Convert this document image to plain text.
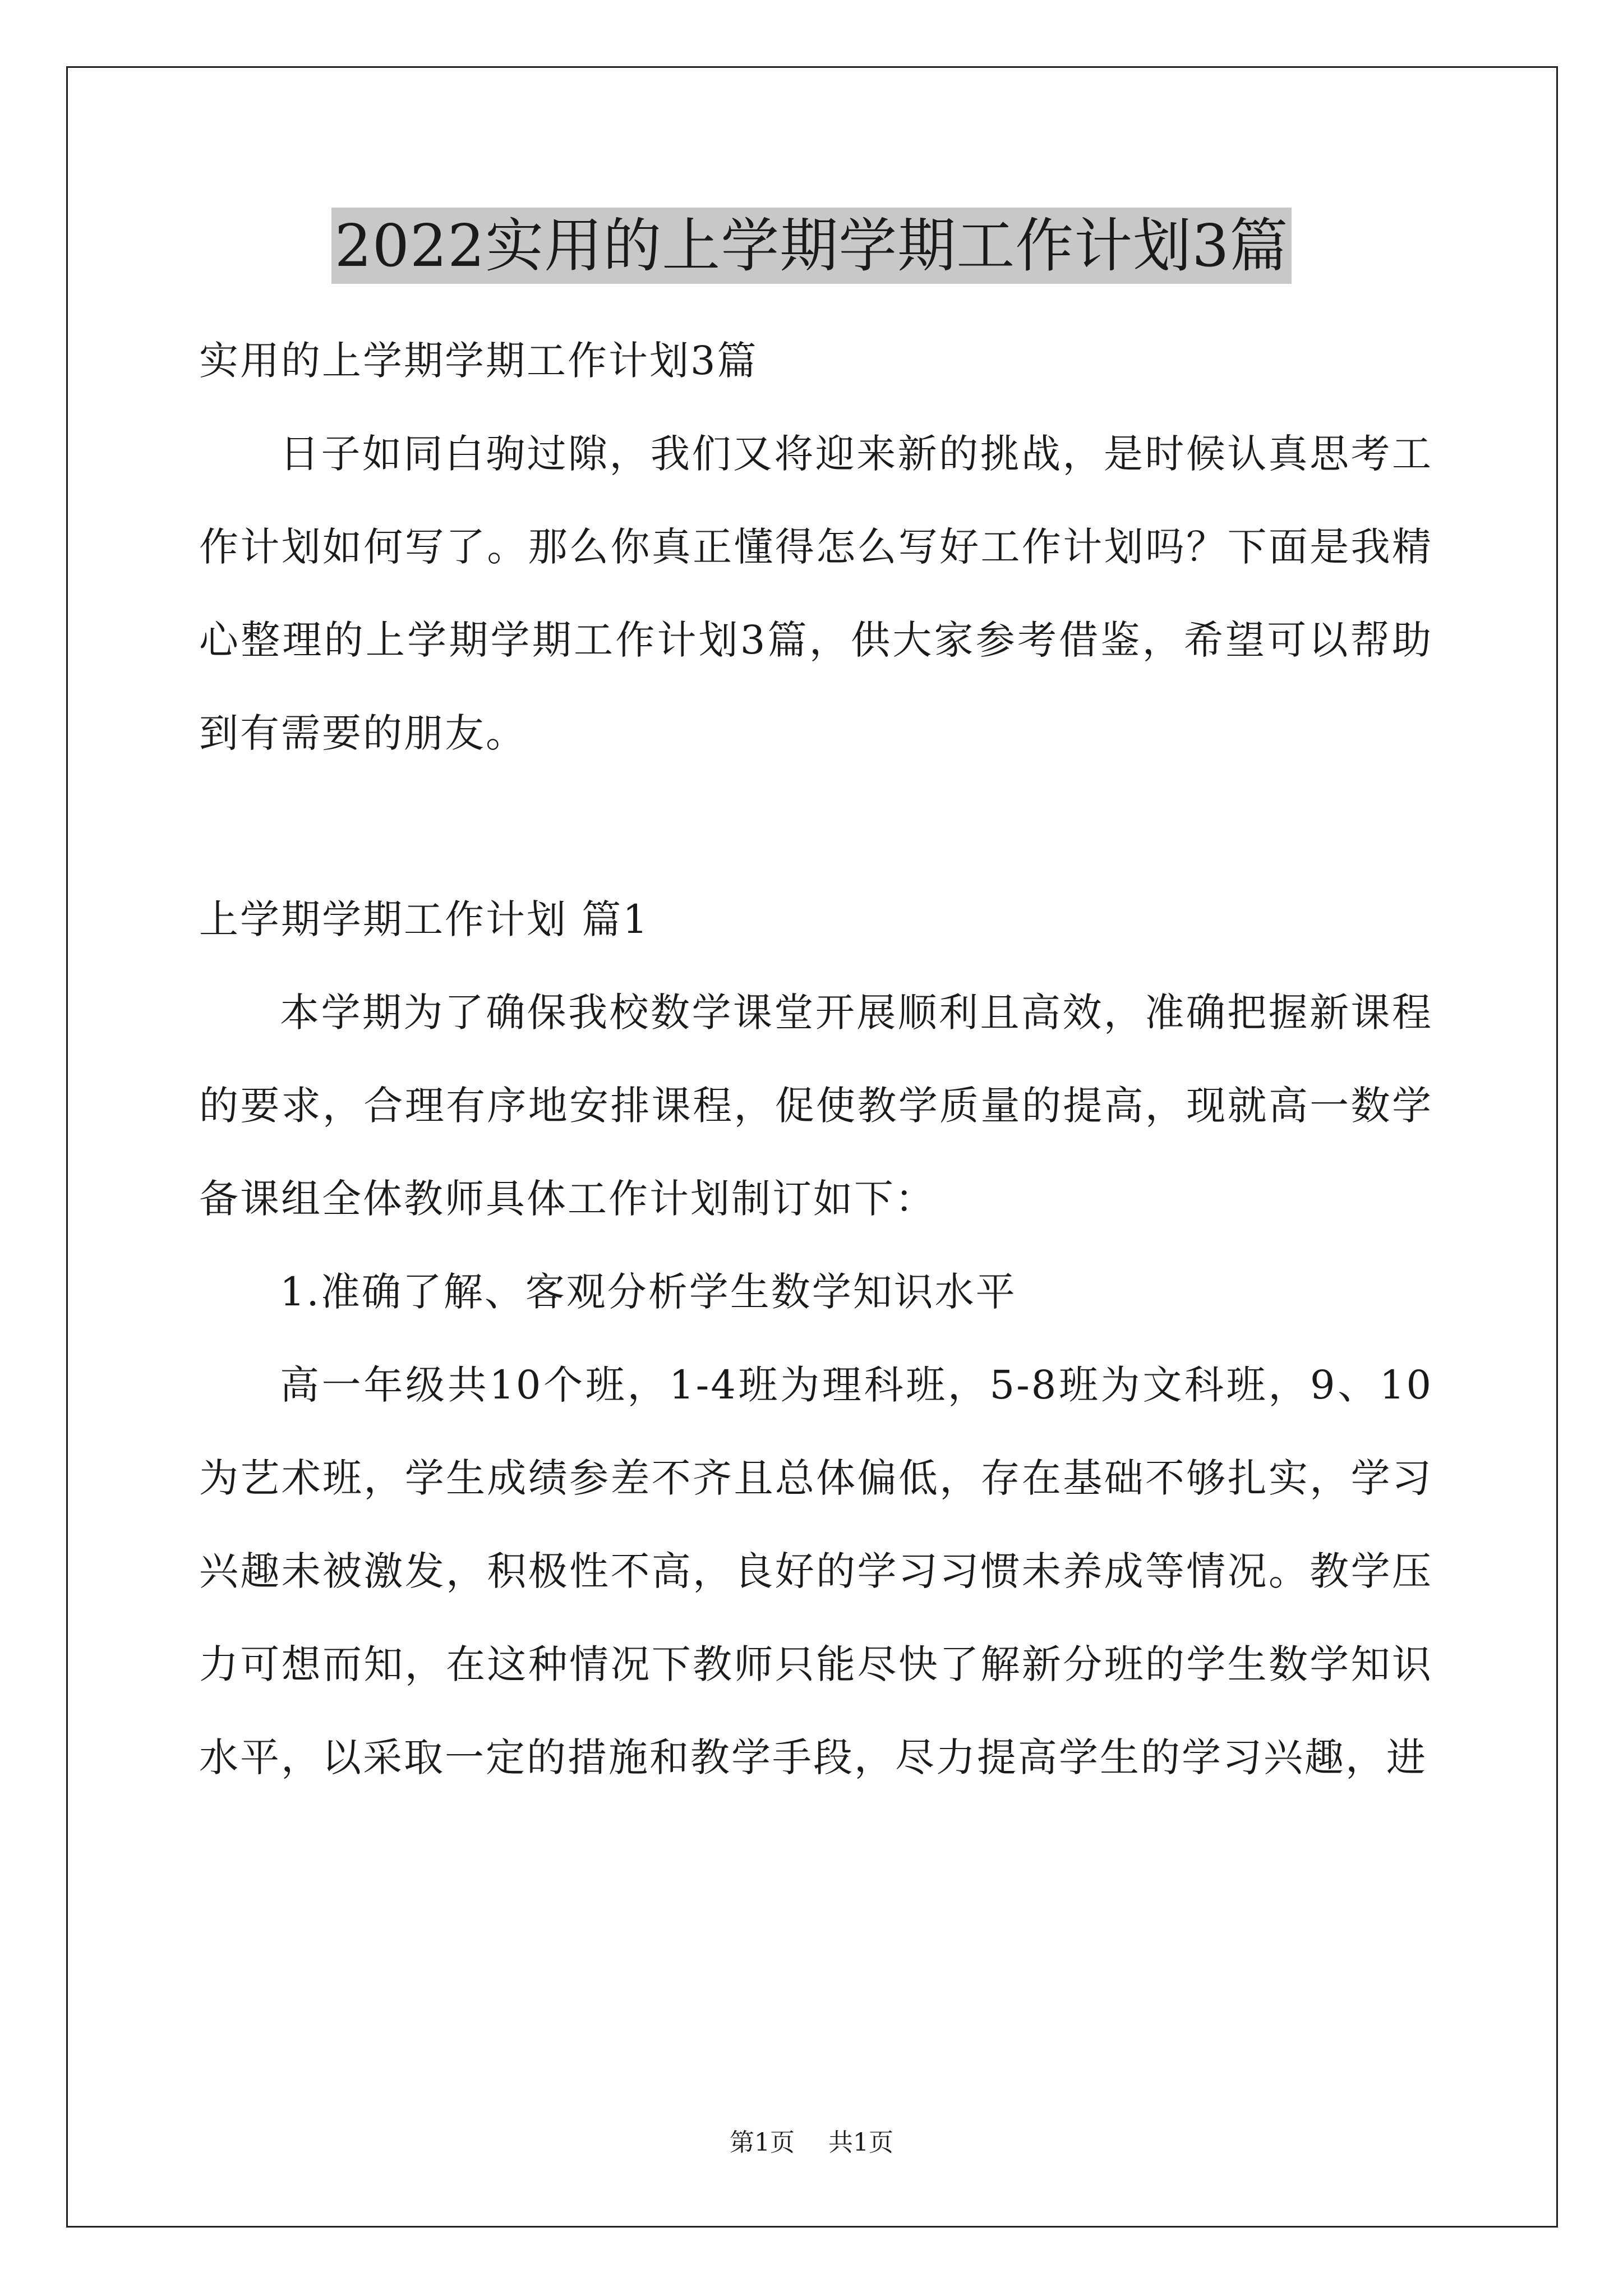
2022实用的上学期学期工作计划3篇

实用的上学期学期工作计划3篇

日子如同白驹过隙，我们又将迎来新的挑战，是时候认真思考工作计划如何写了。那么你真正懂得怎么写好工作计划吗？下面是我精心整理的上学期学期工作计划3篇，供大家参考借鉴，希望可以帮助到有需要的朋友。

上学期学期工作计划 篇1

本学期为了确保我校数学课堂开展顺利且高效，准确把握新课程的要求，合理有序地安排课程，促使教学质量的提高，现就高一数学备课组全体教师具体工作计划制订如下：

1.准确了解、客观分析学生数学知识水平

高一年级共10个班，1-4班为理科班，5-8班为文科班，9、10为艺术班，学生成绩参差不齐且总体偏低，存在基础不够扎实，学习兴趣未被激发，积极性不高，良好的学习习惯未养成等情况。教学压力可想而知，在这种情况下教师只能尽快了解新分班的学生数学知识水平，以采取一定的措施和教学手段，尽力提高学生的学习兴趣，进

第1页 共1页
